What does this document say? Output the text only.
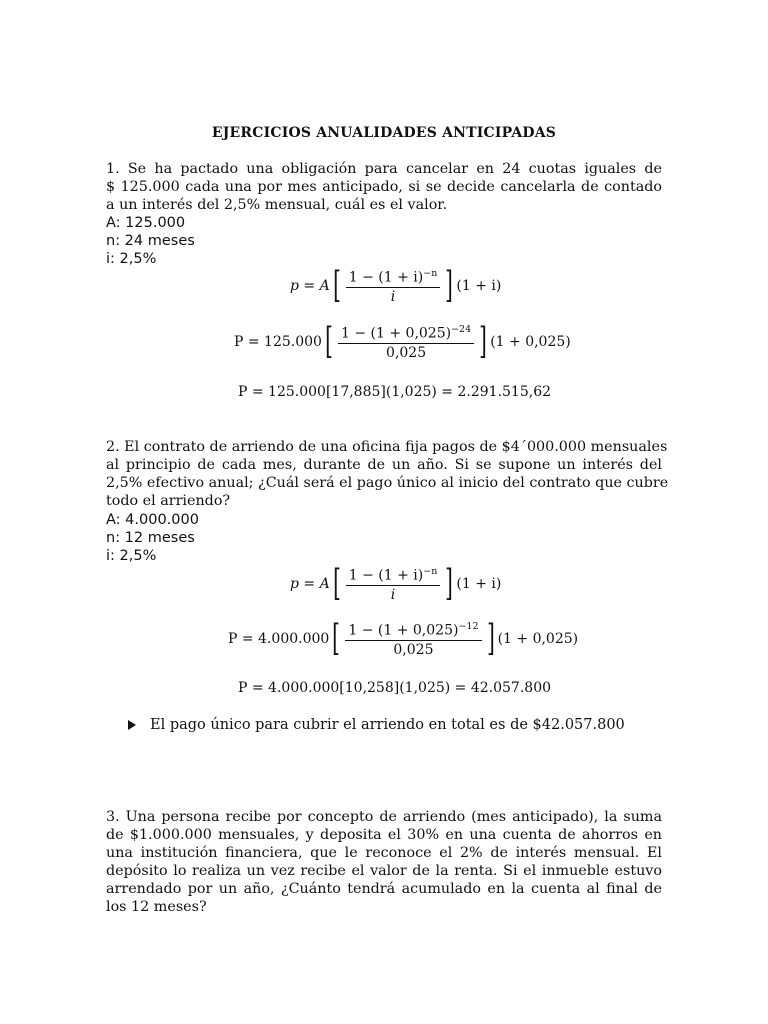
EJERCICIOS ANUALIDADES ANTICIPADAS
1. Se ha pactado una obligación para cancelar en 24 cuotas iguales de
$ 125.000 cada una por mes anticipado, si se decide cancelarla de contado
a un interés del 2,5% mensual, cuál es el valor.
A: 125.000
n: 24 meses
i: 2,5%
p = A [ $\frac{1 - (1 + i)^{-n}}{i}$ ] (1 + i)
P = 125.000 [ $\frac{1 - (1 + 0,025)^{-24}}{0,025}$ ] (1 + 0,025)
P = 125.000[17,885](1,025) = 2.291.515,62
2. El contrato de arriendo de una oficina fija pagos de $4´000.000 mensuales
al principio de cada mes, durante de un año. Si se supone un interés del
2,5% efectivo anual; ¿Cuál será el pago único al inicio del contrato que cubre
todo el arriendo?
A: 4.000.000
n: 12 meses
i: 2,5%
p = A [ $\frac{1 - (1 + i)^{-n}}{i}$ ] (1 + i)
P = 4.000.000 [ $\frac{1 - (1 + 0,025)^{-12}}{0,025}$ ] (1 + 0,025)
P = 4.000.000[10,258](1,025) = 42.057.800
El pago único para cubrir el arriendo en total es de $42.057.800
3. Una persona recibe por concepto de arriendo (mes anticipado), la suma
de $1.000.000 mensuales, y deposita el 30% en una cuenta de ahorros en
una institución financiera, que le reconoce el 2% de interés mensual. El
depósito lo realiza un vez recibe el valor de la renta. Si el inmueble estuvo
arrendado por un año, ¿Cuánto tendrá acumulado en la cuenta al final de
los 12 meses?
